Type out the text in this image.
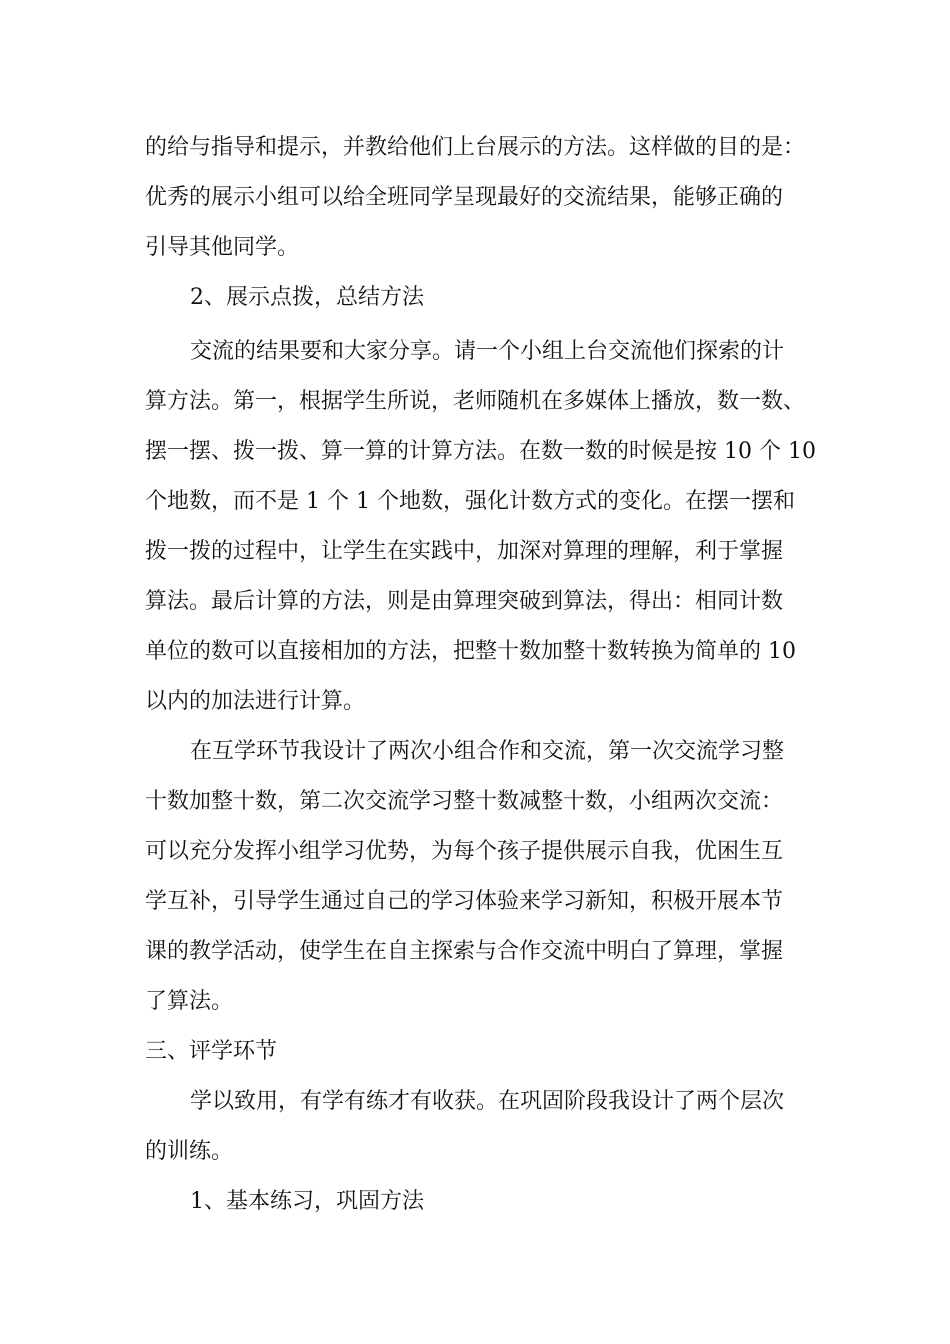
的给与指导和提示，并教给他们上台展示的方法。这样做的目的是：
优秀的展示小组可以给全班同学呈现最好的交流结果，能够正确的
引导其他同学。
2、展示点拨，总结方法
交流的结果要和大家分享。请一个小组上台交流他们探索的计
算方法。第一，根据学生所说，老师随机在多媒体上播放，数一数、
摆一摆、拨一拨、算一算的计算方法。在数一数的时候是按 10 个 10
个地数，而不是 1 个 1 个地数，强化计数方式的变化。在摆一摆和
拨一拨的过程中，让学生在实践中，加深对算理的理解，利于掌握
算法。最后计算的方法，则是由算理突破到算法，得出：相同计数
单位的数可以直接相加的方法，把整十数加整十数转换为简单的 10
以内的加法进行计算。
在互学环节我设计了两次小组合作和交流，第一次交流学习整
十数加整十数，第二次交流学习整十数减整十数，小组两次交流：
可以充分发挥小组学习优势，为每个孩子提供展示自我，优困生互
学互补，引导学生通过自己的学习体验来学习新知，积极开展本节
课的教学活动，使学生在自主探索与合作交流中明白了算理，掌握
了算法。
三、评学环节
学以致用，有学有练才有收获。在巩固阶段我设计了两个层次
的训练。
1、基本练习，巩固方法
